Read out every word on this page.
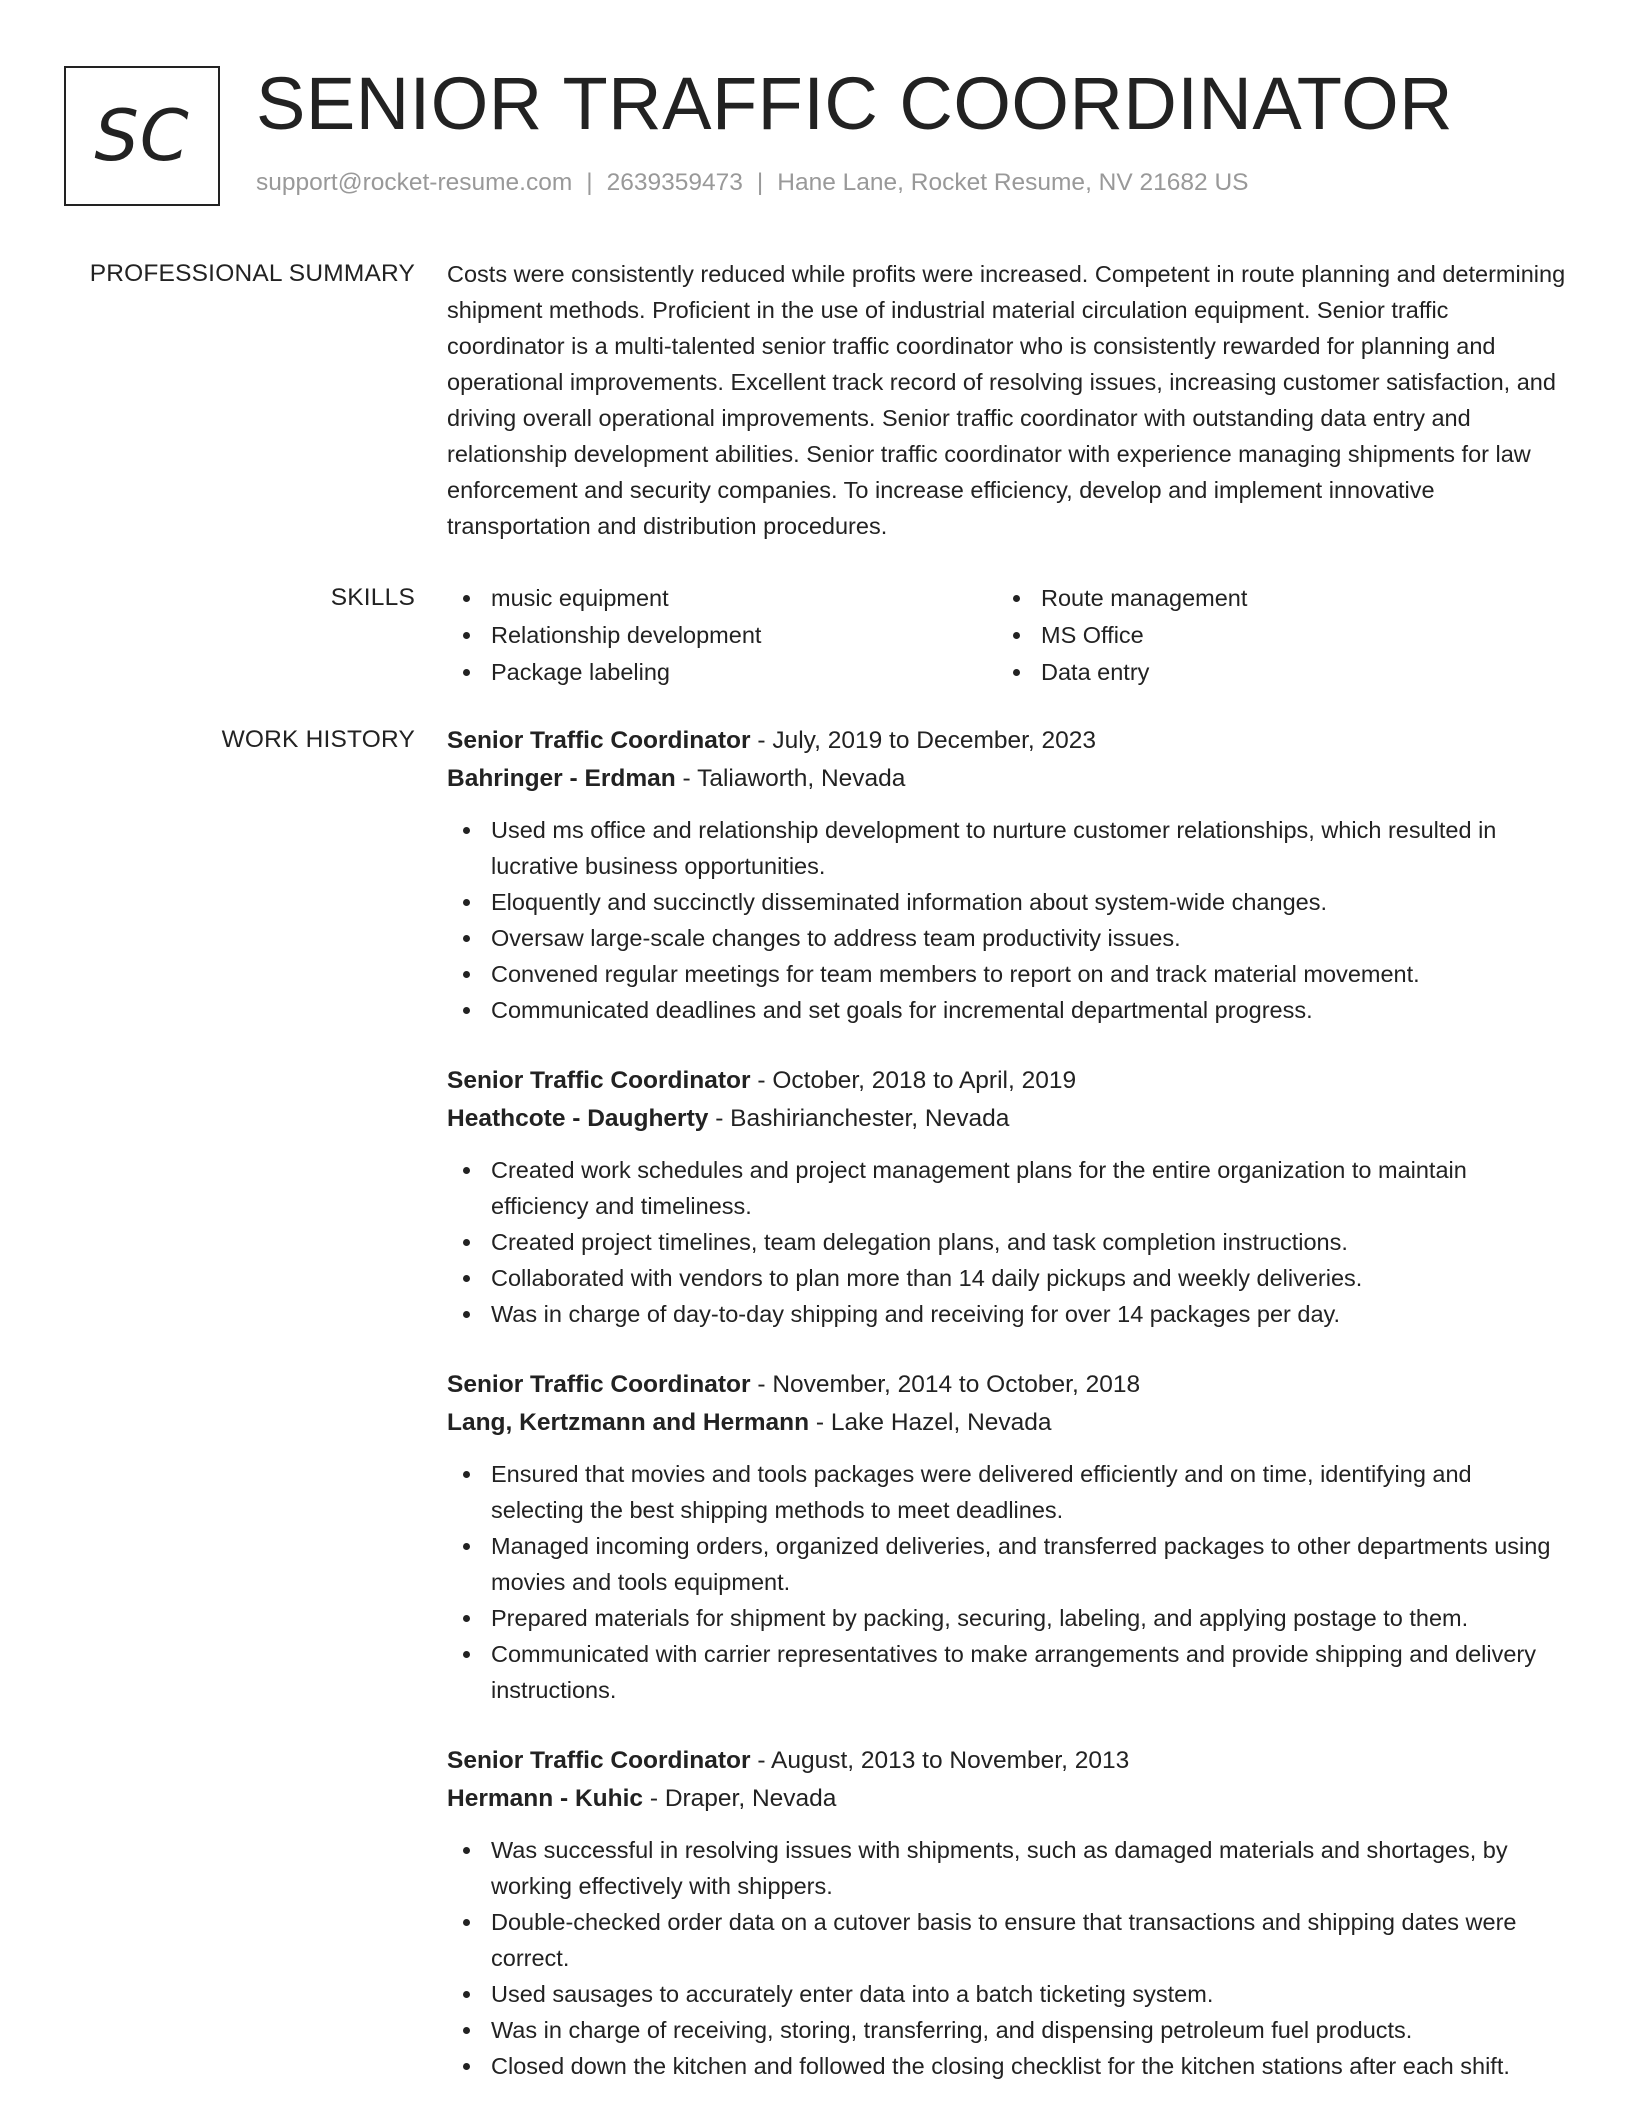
SC SENIOR TRAFFIC COORDINATOR
support@rocket-resume.com | 2639359473 | Hane Lane, Rocket Resume, NV 21682 US
PROFESSIONAL SUMMARY Costs were consistently reduced while profits were increased. Competent in route planning and determining shipment methods. Proficient in the use of industrial material circulation equipment. Senior traffic coordinator is a multi-talented senior traffic coordinator who is consistently rewarded for planning and operational improvements. Excellent track record of resolving issues, increasing customer satisfaction, and driving overall operational improvements. Senior traffic coordinator with outstanding data entry and relationship development abilities. Senior traffic coordinator with experience managing shipments for law enforcement and security companies. To increase efficiency, develop and implement innovative transportation and distribution procedures.

SKILLS	music equipment	Route management
Relationship development	MS Office
Package labeling	Data entry
WORK HISTORY Senior Traffic Coordinator - July, 2019 to December, 2023
Bahringer - Erdman - Taliaworth, Nevada
Used ms office and relationship development to nurture customer relationships, which resulted in lucrative business opportunities.
Eloquently and succinctly disseminated information about system-wide changes.
Oversaw large-scale changes to address team productivity issues.
Convened regular meetings for team members to report on and track material movement.
Communicated deadlines and set goals for incremental departmental progress.
Senior Traffic Coordinator - October, 2018 to April, 2019
Heathcote - Daugherty - Bashirianchester, Nevada
Created work schedules and project management plans for the entire organization to maintain efficiency and timeliness.
Created project timelines, team delegation plans, and task completion instructions.
Collaborated with vendors to plan more than 14 daily pickups and weekly deliveries.
Was in charge of day-to-day shipping and receiving for over 14 packages per day.
Senior Traffic Coordinator - November, 2014 to October, 2018
Lang, Kertzmann and Hermann - Lake Hazel, Nevada
Ensured that movies and tools packages were delivered efficiently and on time, identifying and selecting the best shipping methods to meet deadlines.
Managed incoming orders, organized deliveries, and transferred packages to other departments using movies and tools equipment.
Prepared materials for shipment by packing, securing, labeling, and applying postage to them.
Communicated with carrier representatives to make arrangements and provide shipping and delivery instructions.
Senior Traffic Coordinator - August, 2013 to November, 2013
Hermann - Kuhic - Draper, Nevada
Was successful in resolving issues with shipments, such as damaged materials and shortages, by working effectively with shippers.
Double-checked order data on a cutover basis to ensure that transactions and shipping dates were correct.
Used sausages to accurately enter data into a batch ticketing system.
Was in charge of receiving, storing, transferring, and dispensing petroleum fuel products.
Closed down the kitchen and followed the closing checklist for the kitchen stations after each shift.
